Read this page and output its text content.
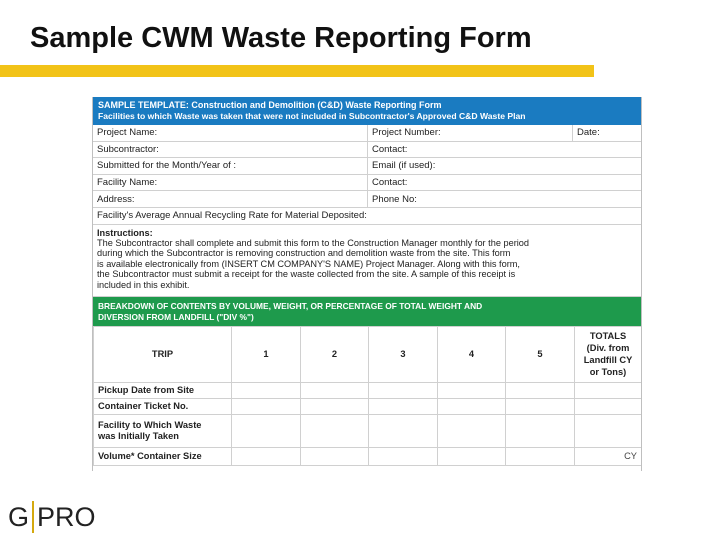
Sample CWM Waste Reporting Form
SAMPLE TEMPLATE: Construction and Demolition (C&D) Waste Reporting Form
Facilities to which Waste was taken that were not included in Subcontractor's Approved C&D Waste Plan
Project Name:	Project Number:	Date:
Subcontractor:	Contact:
Submitted for the Month/Year of :	Email (if used):
Facility Name:	Contact:
Address:	Phone No:
Facility's Average Annual Recycling Rate for Material Deposited:
Instructions:
The Subcontractor shall complete and submit this form to the Construction Manager monthly for the period
during which the Subcontractor is removing construction and demolition waste from the site. This form
is available electronically from (INSERT CM COMPANY'S NAME) Project Manager. Along with this form,
the Subcontractor must submit a receipt for the waste collected from the site. A sample of this receipt is
included in this exhibit.
BREAKDOWN OF CONTENTS BY VOLUME, WEIGHT, OR PERCENTAGE OF TOTAL WEIGHT AND
DIVERSION FROM LANDFILL ("DIV %")
TRIP	1	2	3	4	5	TOTALS
(Div. from
Landfill CY
or Tons)

Pickup Date from Site						
Container Ticket No.						

Facility to Which Waste
was Initially Taken						

Volume* Container Size						CY
G PRO
